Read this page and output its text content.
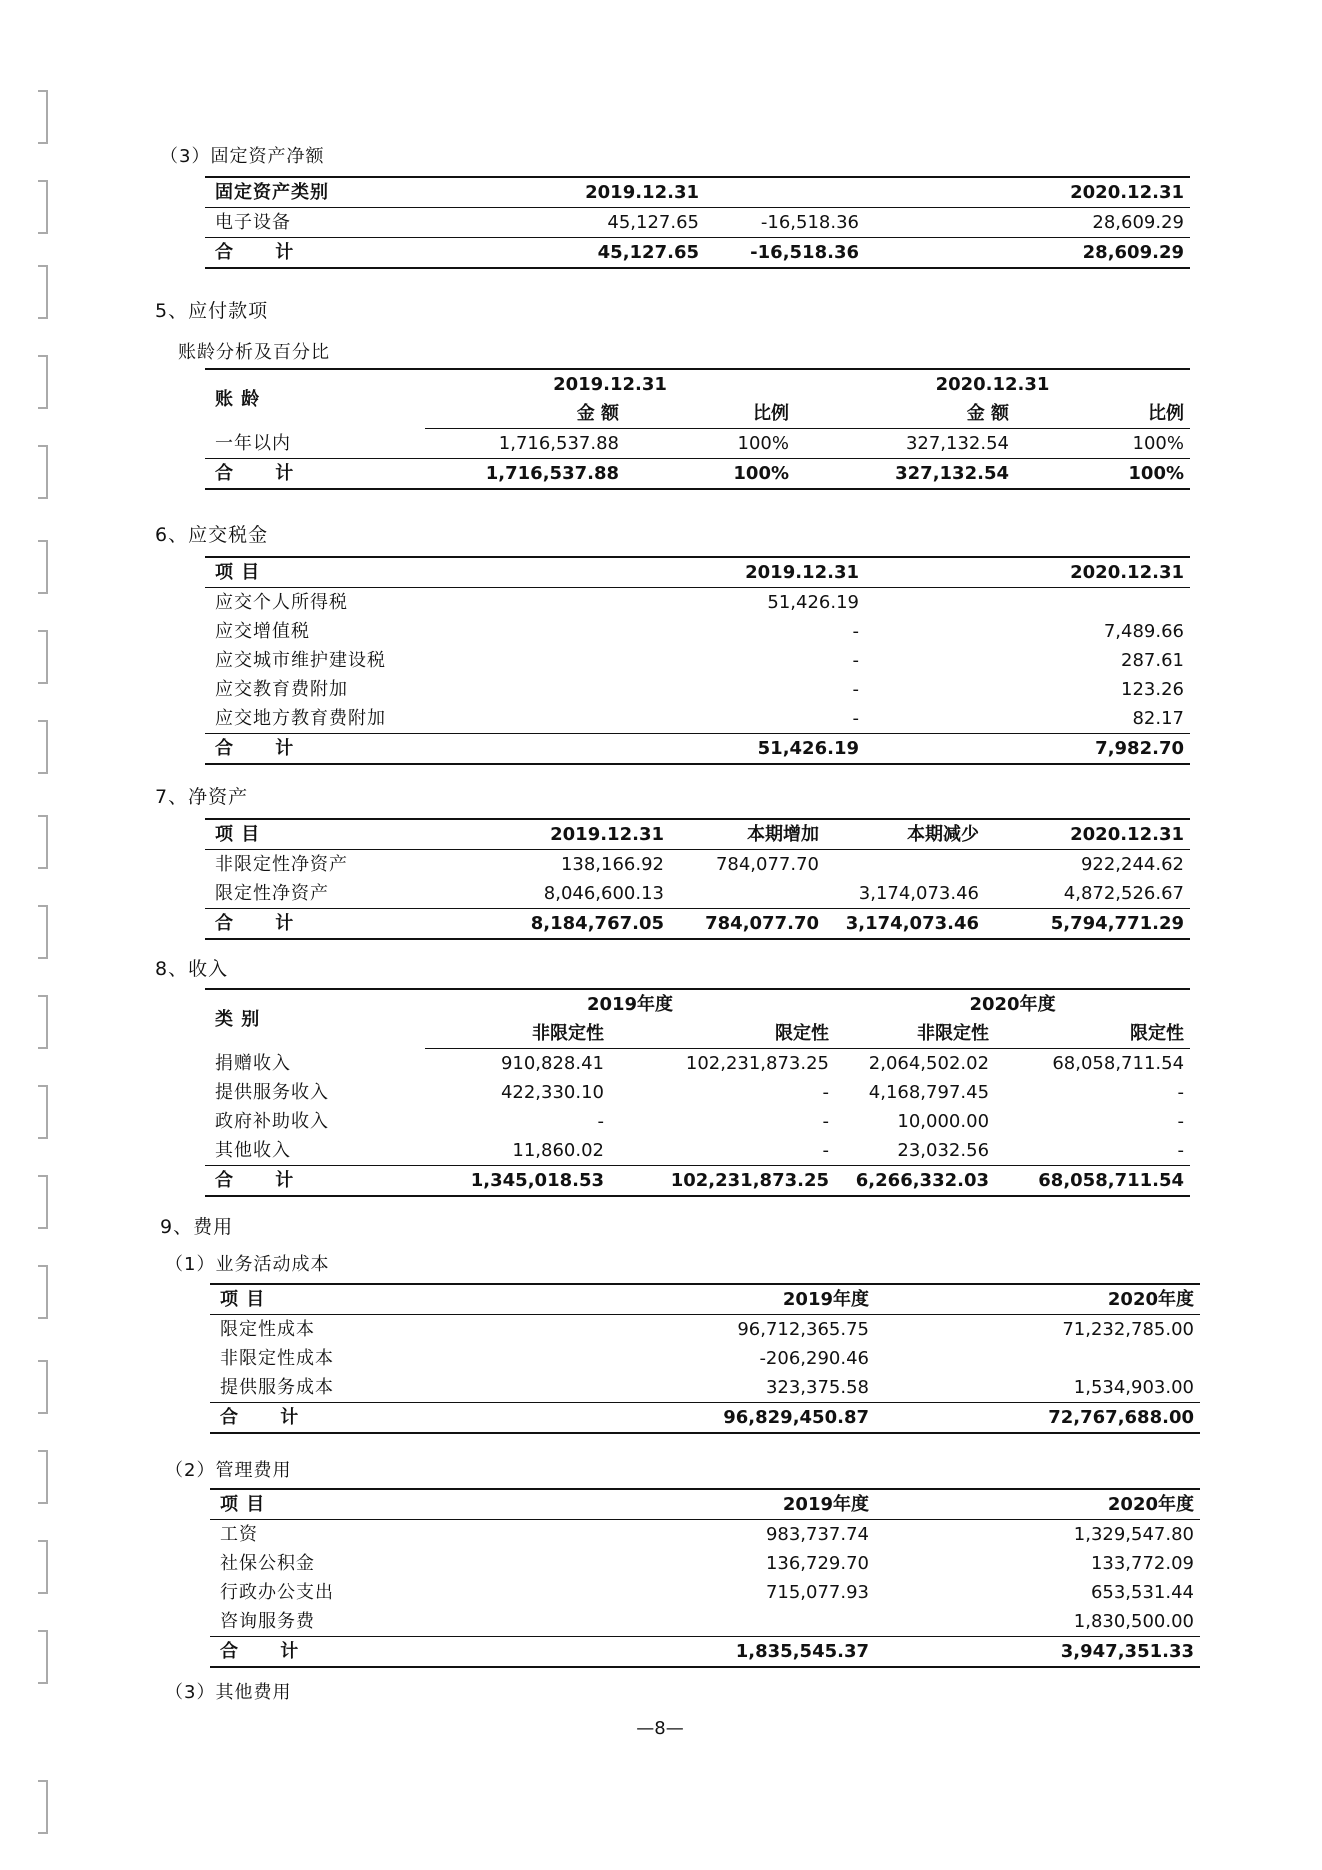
（3）固定资产净额
固定资产类别	2019.12.31		2020.12.31
电子设备	45,127.65	-16,518.36	28,609.29
合 计	45,127.65	-16,518.36	28,609.29
5、应付款项
账龄分析及百分比
账 龄	2019.12.31		2020.12.31	
	金 额	比例	金 额	比例
一年以内	1,716,537.88	100%	327,132.54	100%
合 计	1,716,537.88	100%	327,132.54	100%
6、应交税金
项 目	2019.12.31	2020.12.31
应交个人所得税	51,426.19	
应交增值税	-	7,489.66
应交城市维护建设税	-	287.61
应交教育费附加	-	123.26
应交地方教育费附加	-	82.17
合 计	51,426.19	7,982.70
7、净资产
项 目	2019.12.31	本期增加	本期减少	2020.12.31
非限定性净资产	138,166.92	784,077.70		922,244.62
限定性净资产	8,046,600.13		3,174,073.46	4,872,526.67
合 计	8,184,767.05	784,077.70	3,174,073.46	5,794,771.29
8、收入
类 别	2019年度		2020年度	
	非限定性	限定性	非限定性	限定性
捐赠收入	910,828.41	102,231,873.25	2,064,502.02	68,058,711.54
提供服务收入	422,330.10	-	4,168,797.45	-
政府补助收入	-	-	10,000.00	-
其他收入	11,860.02	-	23,032.56	-
合 计	1,345,018.53	102,231,873.25	6,266,332.03	68,058,711.54
9、费用
（1）业务活动成本
项 目	2019年度	2020年度
限定性成本	96,712,365.75	71,232,785.00
非限定性成本	-206,290.46	
提供服务成本	323,375.58	1,534,903.00
合 计	96,829,450.87	72,767,688.00
（2）管理费用
项 目	2019年度	2020年度
工资	983,737.74	1,329,547.80
社保公积金	136,729.70	133,772.09
行政办公支出	715,077.93	653,531.44
咨询服务费		1,830,500.00
合 计	1,835,545.37	3,947,351.33
（3）其他费用
—8—
